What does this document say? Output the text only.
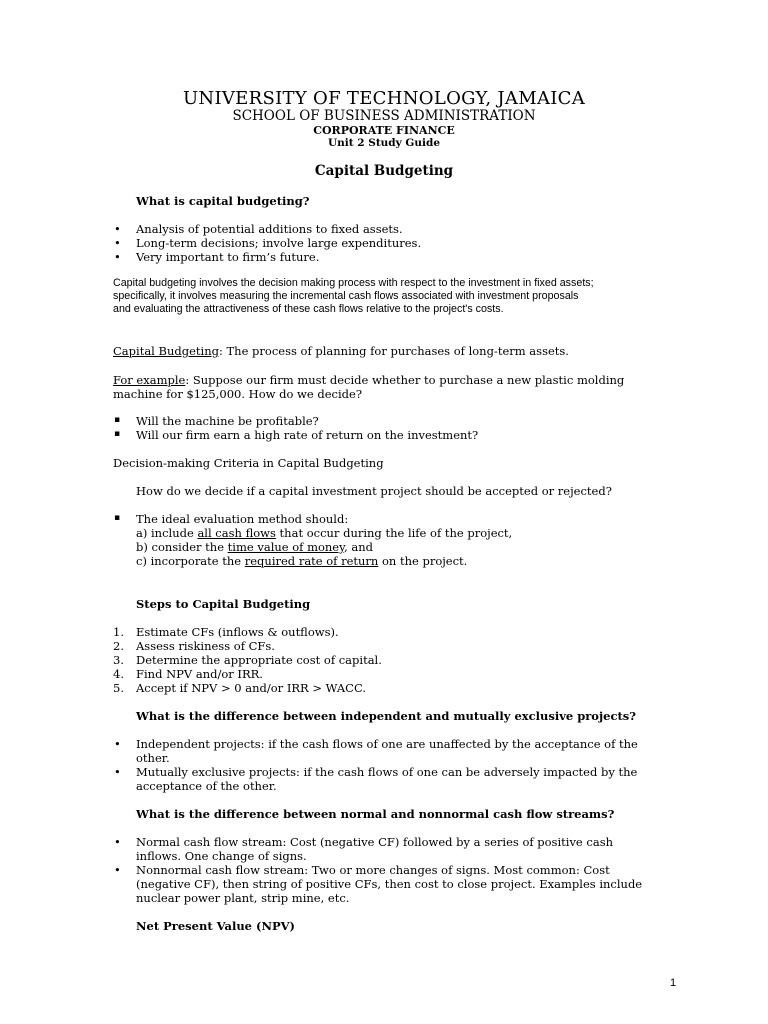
UNIVERSITY OF TECHNOLOGY, JAMAICA
SCHOOL OF BUSINESS ADMINISTRATION
CORPORATE FINANCE
Unit 2 Study Guide
Capital Budgeting
What is capital budgeting?
• Analysis of potential additions to fixed assets.
• Long-term decisions; involve large expenditures.
• Very important to firm’s future.
Capital budgeting involves the decision making process with respect to the investment in fixed assets;
specifically, it involves measuring the incremental cash flows associated with investment proposals
and evaluating the attractiveness of these cash flows relative to the project's costs.
Capital Budgeting: The process of planning for purchases of long-term assets.
For example: Suppose our firm must decide whether to purchase a new plastic molding
machine for $125,000. How do we decide?
▪ Will the machine be profitable?
▪ Will our firm earn a high rate of return on the investment?
Decision-making Criteria in Capital Budgeting
How do we decide if a capital investment project should be accepted or rejected?
▪ The ideal evaluation method should:
a) include all cash flows that occur during the life of the project,
b) consider the time value of money, and
c) incorporate the required rate of return on the project.
Steps to Capital Budgeting
1. Estimate CFs (inflows & outflows).
2. Assess riskiness of CFs.
3. Determine the appropriate cost of capital.
4. Find NPV and/or IRR.
5. Accept if NPV > 0 and/or IRR > WACC.
What is the difference between independent and mutually exclusive projects?
• Independent projects: if the cash flows of one are unaffected by the acceptance of the
other.
• Mutually exclusive projects: if the cash flows of one can be adversely impacted by the
acceptance of the other.
What is the difference between normal and nonnormal cash flow streams?
• Normal cash flow stream: Cost (negative CF) followed by a series of positive cash
inflows. One change of signs.
• Nonnormal cash flow stream: Two or more changes of signs. Most common: Cost
(negative CF), then string of positive CFs, then cost to close project. Examples include
nuclear power plant, strip mine, etc.
Net Present Value (NPV)
1
